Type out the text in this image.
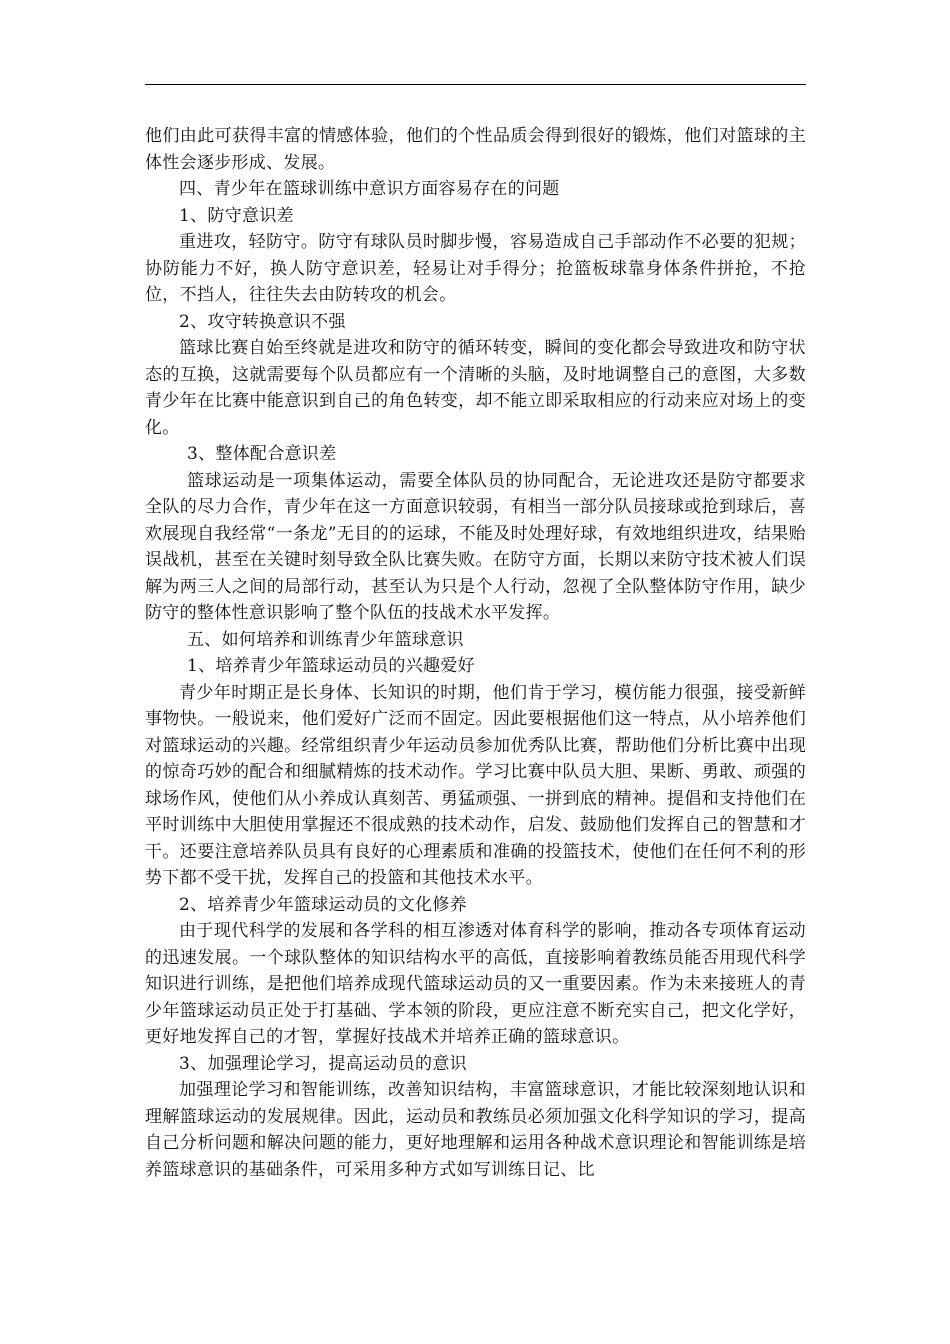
他们由此可获得丰富的情感体验，他们的个性品质会得到很好的锻炼，他们对篮球的主体性会逐步形成、发展。

四、青少年在篮球训练中意识方面容易存在的问题

1、防守意识差

重进攻，轻防守。防守有球队员时脚步慢，容易造成自己手部动作不必要的犯规；协防能力不好，换人防守意识差，轻易让对手得分；抢篮板球靠身体条件拼抢，不抢位，不挡人，往往失去由防转攻的机会。

2、攻守转换意识不强

篮球比赛自始至终就是进攻和防守的循环转变，瞬间的变化都会导致进攻和防守状态的互换，这就需要每个队员都应有一个清晰的头脑，及时地调整自己的意图，大多数青少年在比赛中能意识到自己的角色转变，却不能立即采取相应的行动来应对场上的变化。

3、整体配合意识差

篮球运动是一项集体运动，需要全体队员的协同配合，无论进攻还是防守都要求全队的尽力合作，青少年在这一方面意识较弱，有相当一部分队员接球或抢到球后，喜欢展现自我经常“一条龙”无目的的运球，不能及时处理好球，有效地组织进攻，结果贻误战机，甚至在关键时刻导致全队比赛失败。在防守方面，长期以来防守技术被人们误解为两三人之间的局部行动，甚至认为只是个人行动，忽视了全队整体防守作用，缺少防守的整体性意识影响了整个队伍的技战术水平发挥。

五、如何培养和训练青少年篮球意识

1、培养青少年篮球运动员的兴趣爱好

青少年时期正是长身体、长知识的时期，他们肯于学习，模仿能力很强，接受新鲜事物快。一般说来，他们爱好广泛而不固定。因此要根据他们这一特点，从小培养他们对篮球运动的兴趣。经常组织青少年运动员参加优秀队比赛，帮助他们分析比赛中出现的惊奇巧妙的配合和细腻精炼的技术动作。学习比赛中队员大胆、果断、勇敢、顽强的球场作风，使他们从小养成认真刻苦、勇猛顽强、一拼到底的精神。提倡和支持他们在平时训练中大胆使用掌握还不很成熟的技术动作，启发、鼓励他们发挥自己的智慧和才干。还要注意培养队员具有良好的心理素质和准确的投篮技术，使他们在任何不利的形势下都不受干扰，发挥自己的投篮和其他技术水平。

2、培养青少年篮球运动员的文化修养

由于现代科学的发展和各学科的相互渗透对体育科学的影响，推动各专项体育运动的迅速发展。一个球队整体的知识结构水平的高低，直接影响着教练员能否用现代科学知识进行训练，是把他们培养成现代篮球运动员的又一重要因素。作为未来接班人的青少年篮球运动员正处于打基础、学本领的阶段，更应注意不断充实自己，把文化学好，更好地发挥自己的才智，掌握好技战术并培养正确的篮球意识。

3、加强理论学习，提高运动员的意识

加强理论学习和智能训练，改善知识结构，丰富篮球意识，才能比较深刻地认识和理解篮球运动的发展规律。因此，运动员和教练员必须加强文化科学知识的学习，提高自己分析问题和解决问题的能力，更好地理解和运用各种战术意识理论和智能训练是培养篮球意识的基础条件，可采用多种方式如写训练日记、比
